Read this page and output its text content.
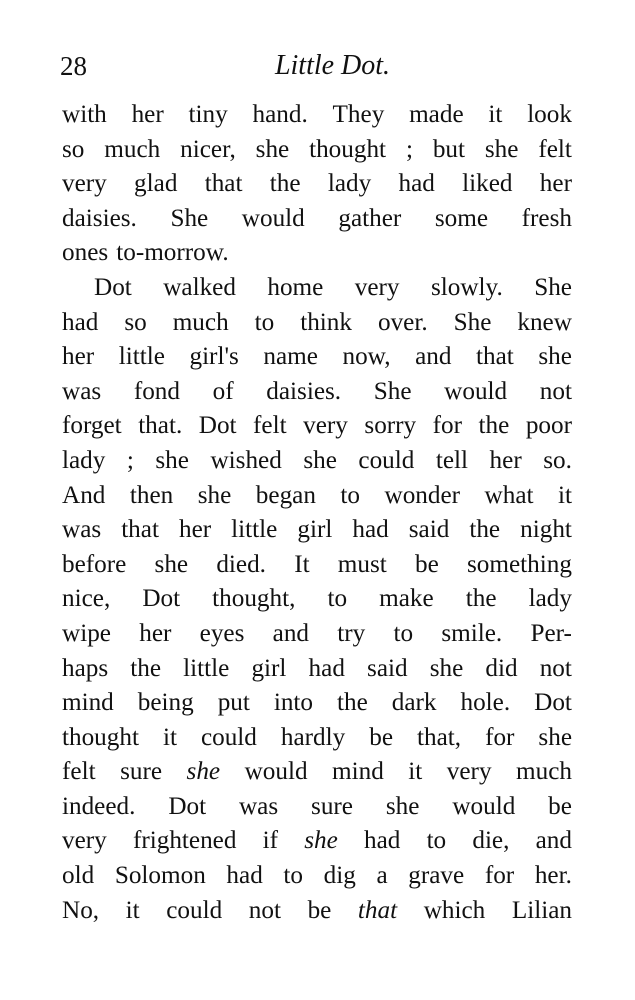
28	Little Dot.
with her tiny hand. They made it look
so much nicer, she thought ; but she felt
very glad that the lady had liked her
daisies. She would gather some fresh
ones to-morrow.
Dot walked home very slowly. She
had so much to think over. She knew
her little girl's name now, and that she
was fond of daisies. She would not
forget that. Dot felt very sorry for the poor
lady ; she wished she could tell her so.
And then she began to wonder what it
was that her little girl had said the night
before she died. It must be something
nice, Dot thought, to make the lady
wipe her eyes and try to smile. Per-
haps the little girl had said she did not
mind being put into the dark hole. Dot
thought it could hardly be that, for she
felt sure she would mind it very much
indeed. Dot was sure she would be
very frightened if she had to die, and
old Solomon had to dig a grave for her.
No, it could not be that which Lilian
